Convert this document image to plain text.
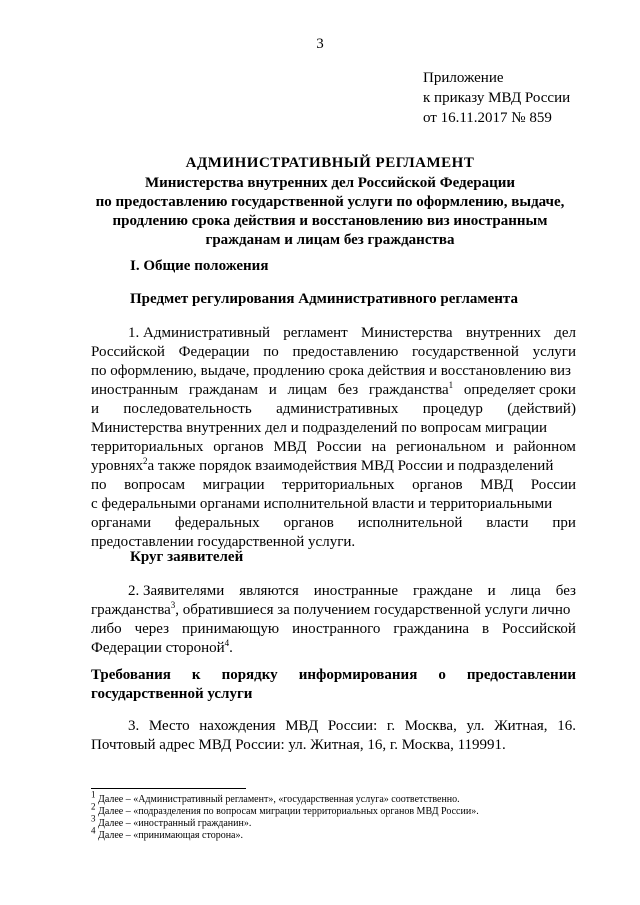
3
Приложение
к приказу МВД России
от 16.11.2017 № 859
АДМИНИСТРАТИВНЫЙ РЕГЛАМЕНТ
Министерства внутренних дел Российской Федерации
по предоставлению государственной услуги по оформлению, выдаче,
продлению срока действия и восстановлению виз иностранным
гражданам и лицам без гражданства
I. Общие положения
Предмет регулирования Административного регламента
1. Административный регламент Министерства внутренних дел
Российской Федерации по предоставлению государственной услуги
по оформлению, выдаче, продлению срока действия и восстановлению виз
иностранным гражданам и лицам без гражданства$^1$ определяет сроки
и последовательность административных процедур (действий)
Министерства внутренних дел и подразделений по вопросам миграции
территориальных органов МВД России на региональном и районном
уровнях$^2$а также порядок взаимодействия МВД России и подразделений
по вопросам миграции территориальных органов МВД России
с федеральными органами исполнительной власти и территориальными
органами федеральных органов исполнительной власти при
предоставлении государственной услуги.
Круг заявителей
2. Заявителями являются иностранные граждане и лица без
гражданства$^3$, обратившиеся за получением государственной услуги лично
либо через принимающую иностранного гражданина в Российской
Федерации стороной$^4$.
Требования к порядку информирования о предоставлении
государственной услуги
3. Место нахождения МВД России: г. Москва, ул. Житная, 16.
Почтовый адрес МВД России: ул. Житная, 16, г. Москва, 119991.
$^1$ Далее – «Административный регламент», «государственная услуга» соответственно.
$^2$ Далее – «подразделения по вопросам миграции территориальных органов МВД России».
$^3$ Далее – «иностранный гражданин».
$^4$ Далее – «принимающая сторона».
